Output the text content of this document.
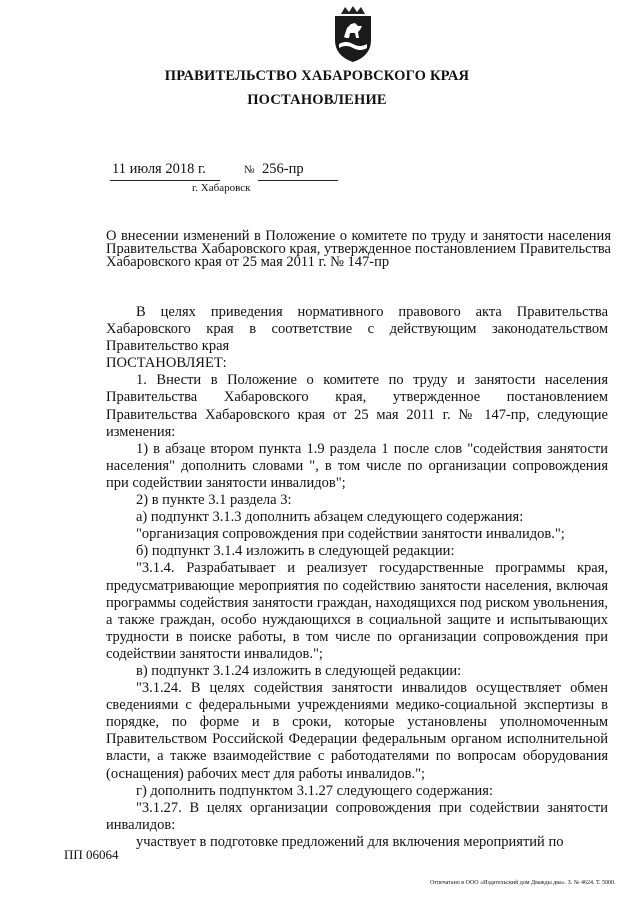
ПРАВИТЕЛЬСТВО ХАБАРОВСКОГО КРАЯ
ПОСТАНОВЛЕНИЕ
11 июля 2018 г.	№ 256-пр
г. Хабаровск
О внесении изменений в Положение о комитете по труду и занятости населения Правительства Хабаровского края, утвержденное постановлением Правительства Хабаровского края от 25 мая 2011 г. № 147-пр

В целях приведения нормативного правового акта Правительства Хабаровского края в соответствие с действующим законодательством Правительство края

ПОСТАНОВЛЯЕТ:

1. Внести в Положение о комитете по труду и занятости населения Правительства Хабаровского края, утвержденное постановлением Правительства Хабаровского края от 25 мая 2011 г. № 147-пр, следующие изменения:

1) в абзаце втором пункта 1.9 раздела 1 после слов "содействия занятости населения" дополнить словами ", в том числе по организации сопровождения при содействии занятости инвалидов";

2) в пункте 3.1 раздела 3:

а) подпункт 3.1.3 дополнить абзацем следующего содержания:

"организация сопровождения при содействии занятости инвалидов.";

б) подпункт 3.1.4 изложить в следующей редакции:

"3.1.4. Разрабатывает и реализует государственные программы края, предусматривающие мероприятия по содействию занятости населения, включая программы содействия занятости граждан, находящихся под риском увольнения, а также граждан, особо нуждающихся в социальной защите и испытывающих трудности в поиске работы, в том числе по организации сопровождения при содействии занятости инвалидов.";

в) подпункт 3.1.24 изложить в следующей редакции:

"3.1.24. В целях содействия занятости инвалидов осуществляет обмен сведениями с федеральными учреждениями медико-социальной экспертизы в порядке, по форме и в сроки, которые установлены уполномоченным Правительством Российской Федерации федеральным органом исполнительной власти, а также взаимодействие с работодателями по вопросам оборудования (оснащения) рабочих мест для работы инвалидов.";

г) дополнить подпунктом 3.1.27 следующего содержания:

"3.1.27. В целях организации сопровождения при содействии занятости инвалидов:

участвует в подготовке предложений для включения мероприятий по

ПП 06064
Отпечатано в ООО «Издательский дом Дважды два». З. № 4624. Т. 5000.
